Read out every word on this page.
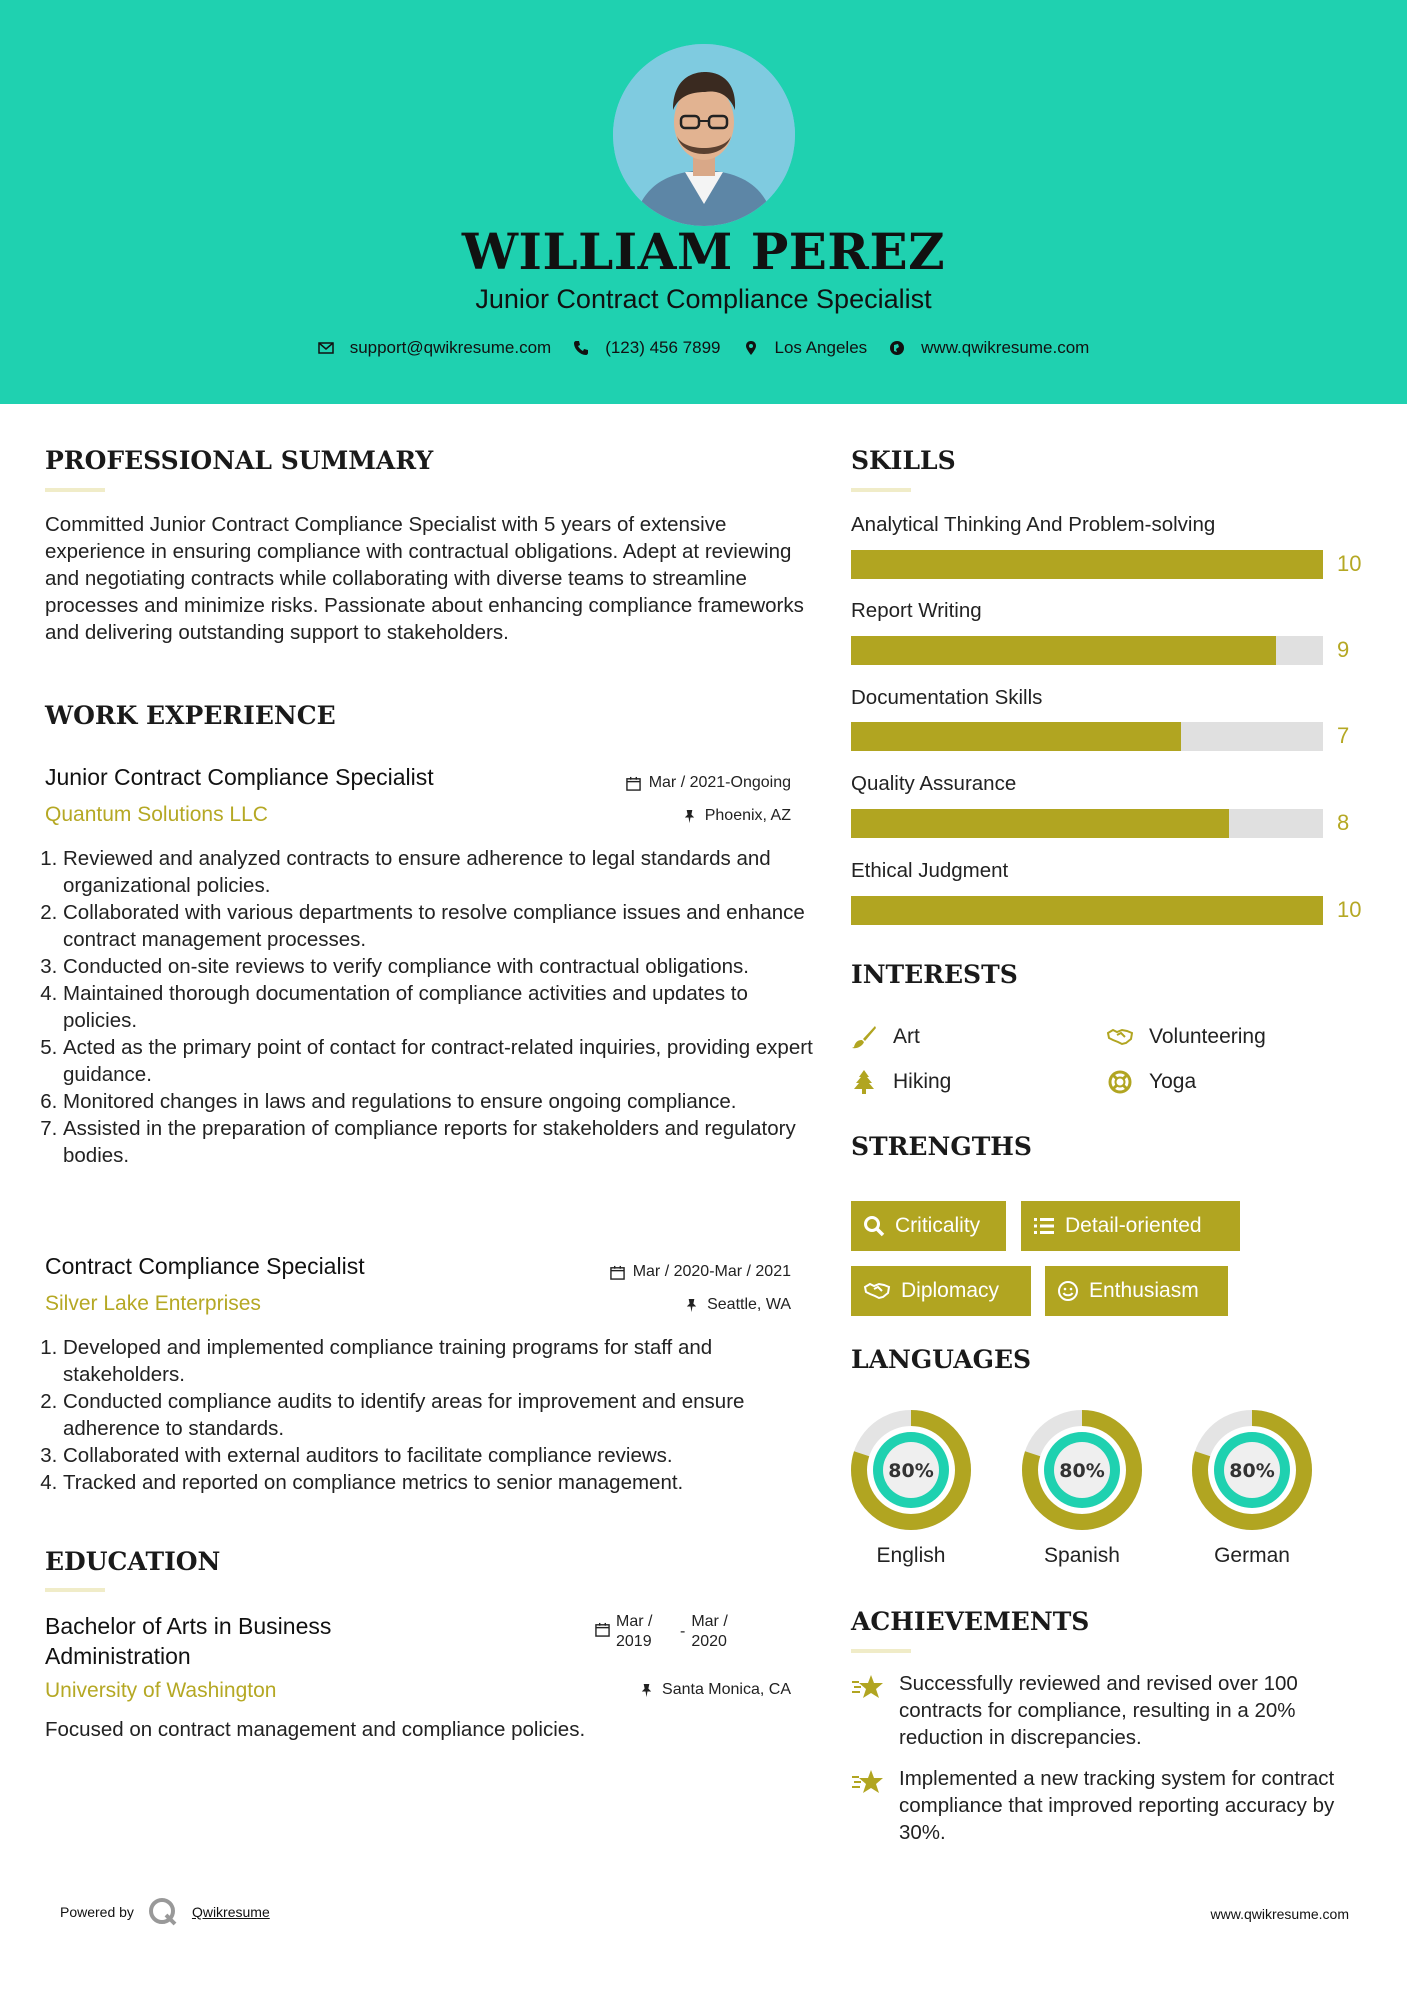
WILLIAM PEREZ
Junior Contract Compliance Specialist
support@qwikresume.com	(123) 456 7899	Los Angeles	www.qwikresume.com
PROFESSIONAL SUMMARY
Committed Junior Contract Compliance Specialist with 5 years of extensive experience in ensuring compliance with contractual obligations. Adept at reviewing and negotiating contracts while collaborating with diverse teams to streamline processes and minimize risks. Passionate about enhancing compliance frameworks and delivering outstanding support to stakeholders.
WORK EXPERIENCE
Junior Contract Compliance Specialist	Mar / 2021-Ongoing
Quantum Solutions LLC	Phoenix, AZ
1. Reviewed and analyzed contracts to ensure adherence to legal standards and organizational policies.
2. Collaborated with various departments to resolve compliance issues and enhance contract management processes.
3. Conducted on-site reviews to verify compliance with contractual obligations.
4. Maintained thorough documentation of compliance activities and updates to policies.
5. Acted as the primary point of contact for contract-related inquiries, providing expert guidance.
6. Monitored changes in laws and regulations to ensure ongoing compliance.
7. Assisted in the preparation of compliance reports for stakeholders and regulatory bodies.
Contract Compliance Specialist	Mar / 2020-Mar / 2021
Silver Lake Enterprises	Seattle, WA
1. Developed and implemented compliance training programs for staff and stakeholders.
2. Conducted compliance audits to identify areas for improvement and ensure adherence to standards.
3. Collaborated with external auditors to facilitate compliance reviews.
4. Tracked and reported on compliance metrics to senior management.
EDUCATION
Bachelor of Arts in Business
Administration
Mar /
2019
-
Mar /
2020
University of Washington	Santa Monica, CA
Focused on contract management and compliance policies.
SKILLS
Analytical Thinking And Problem-solving
10
Report Writing
9
Documentation Skills
7
Quality Assurance
8
Ethical Judgment
10
INTERESTS
Art	Volunteering
Hiking	Yoga
STRENGTHS
Criticality	Detail-oriented
Diplomacy	Enthusiasm
LANGUAGES
80%
English
80%
Spanish
80%
German
ACHIEVEMENTS
Successfully reviewed and revised over 100 contracts for compliance, resulting in a 20% reduction in discrepancies.
Implemented a new tracking system for contract compliance that improved reporting accuracy by 30%.
Powered by	Qwikresume	www.qwikresume.com
